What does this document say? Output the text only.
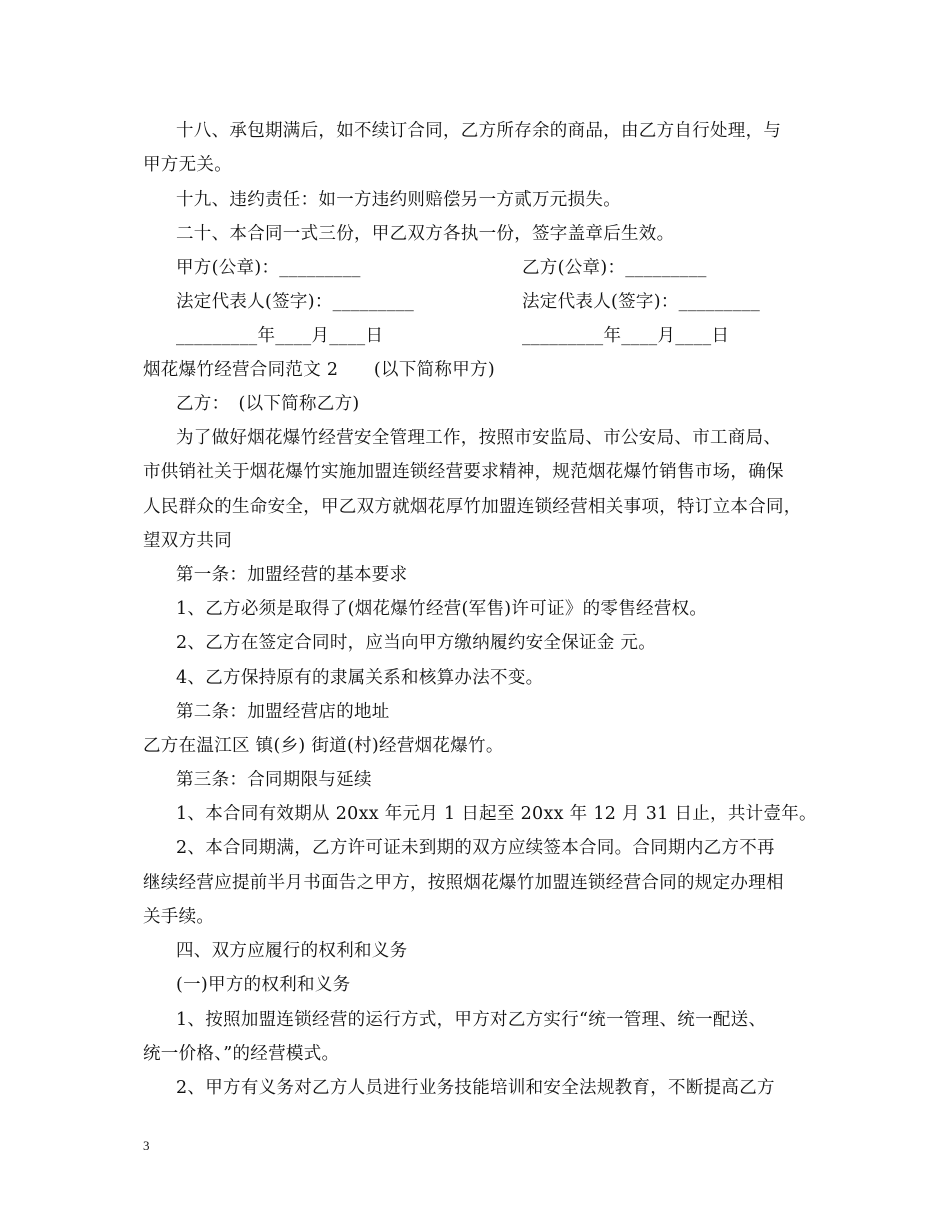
十八、承包期满后，如不续订合同，乙方所存余的商品，由乙方自行处理，与
甲方无关。
十九、违约责任：如一方违约则赔偿另一方贰万元损失。
二十、本合同一式三份，甲乙双方各执一份，签字盖章后生效。
甲方(公章)：_________	乙方(公章)：_________
法定代表人(签字)：_________	法定代表人(签字)：_________
_________年____月____日	_________年____月____日
烟花爆竹经营合同范文 2　　(以下简称甲方)
乙方：　(以下简称乙方)
为了做好烟花爆竹经营安全管理工作，按照市安监局、市公安局、市工商局、
市供销社关于烟花爆竹实施加盟连锁经营要求精神，规范烟花爆竹销售市场，确保
人民群众的生命安全，甲乙双方就烟花厚竹加盟连锁经营相关事项，特订立本合同，
望双方共同
第一条：加盟经营的基本要求
1、乙方必须是取得了(烟花爆竹经营(军售)许可证》的零售经营权。
2、乙方在签定合同时，应当向甲方缴纳履约安全保证金 元。
4、乙方保持原有的隶属关系和核算办法不变。
第二条：加盟经营店的地址
乙方在温江区 镇(乡) 街道(村)经营烟花爆竹。
第三条：合同期限与延续
1、本合同有效期从 20xx 年元月 1 日起至 20xx 年 12 月 31 日止，共计壹年。
2、本合同期满，乙方许可证未到期的双方应续签本合同。合同期内乙方不再
继续经营应提前半月书面告之甲方，按照烟花爆竹加盟连锁经营合同的规定办理相
关手续。
四、双方应履行的权利和义务
(一)甲方的权利和义务
1、按照加盟连锁经营的运行方式，甲方对乙方实行“统一管理、统一配送、
统一价格、”的经营模式。
2、甲方有义务对乙方人员进行业务技能培训和安全法规教育，不断提高乙方
3
